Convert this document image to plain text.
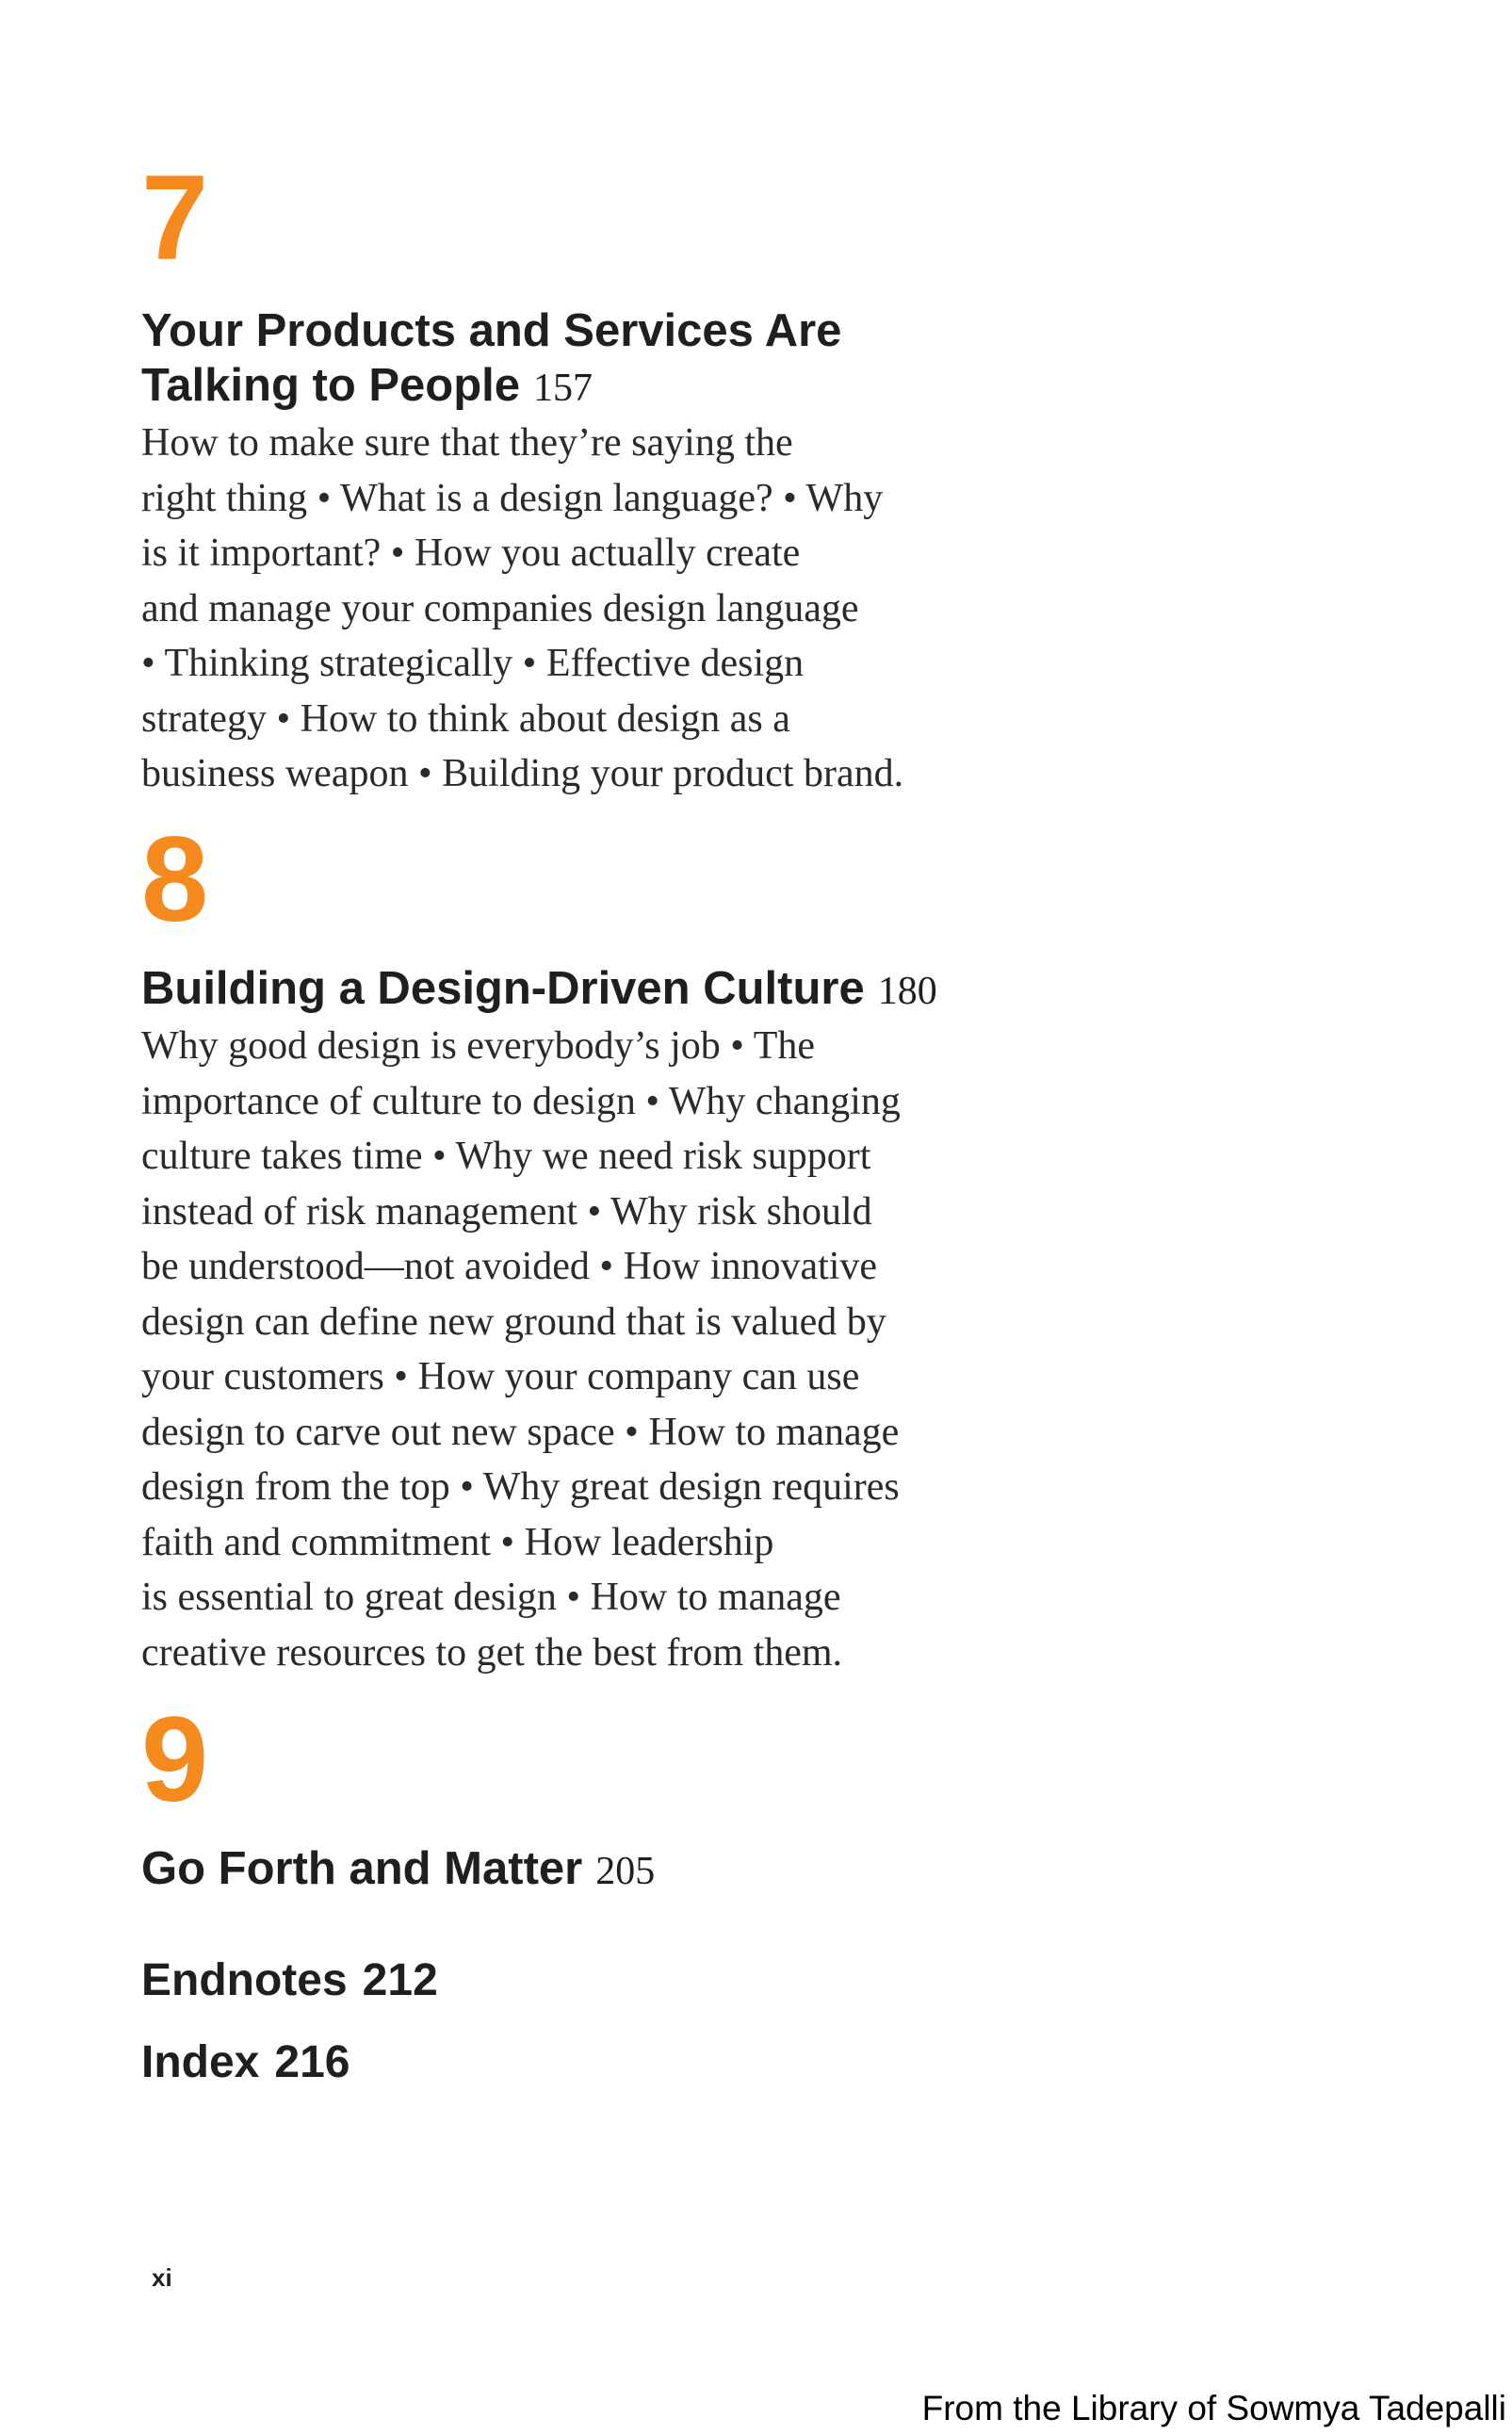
7
Your Products and Services Are
Talking to People 157

How to make sure that they’re saying the
right thing • What is a design language? • Why
is it important? • How you actually create
and manage your companies design language
• Thinking strategically • Effective design
strategy • How to think about design as a
business weapon • Building your product brand.

8
Building a Design-Driven Culture 180

Why good design is everybody’s job • The
importance of culture to design • Why changing
culture takes time • Why we need risk support
instead of risk management • Why risk should
be understood—not avoided • How innovative
design can define new ground that is valued by
your customers • How your company can use
design to carve out new space • How to manage
design from the top • Why great design requires
faith and commitment • How leadership
is essential to great design • How to manage
creative resources to get the best from them.

9
Go Forth and Matter 205
Endnotes 212
Index 216
xi
From the Library of Sowmya Tadepalli
